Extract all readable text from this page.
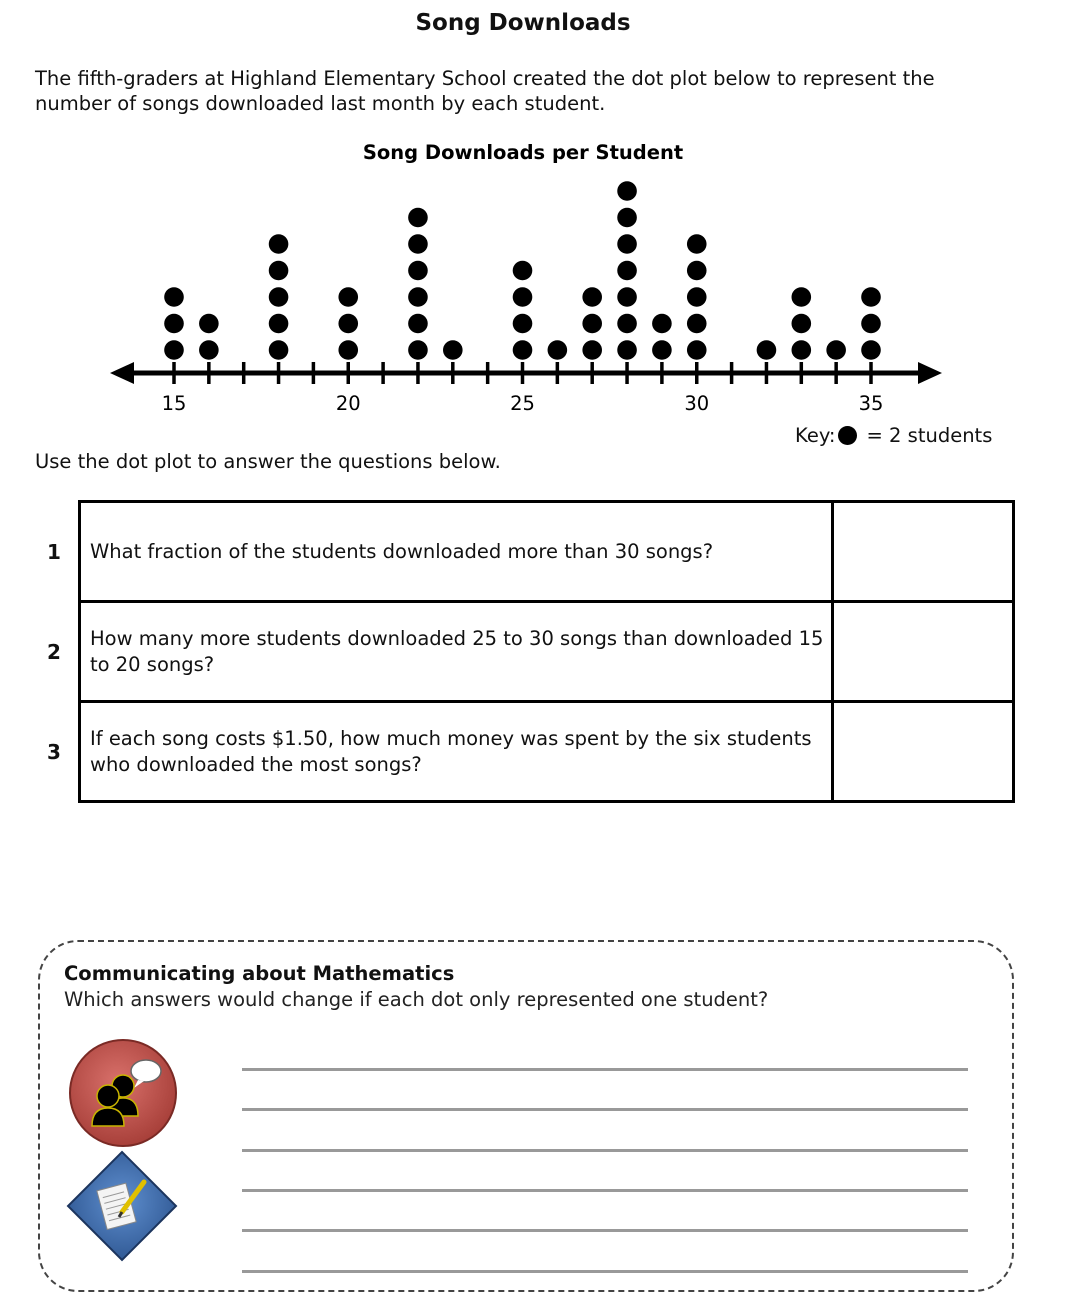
Song Downloads
The fifth-graders at Highland Elementary School created the dot plot below to represent the number of songs downloaded last month by each student.
Song Downloads per Student
15	20	25	30	35
Key: = 2 students
Use the dot plot to answer the questions below.
1	What fraction of the students downloaded more than 30 songs?	
2	How many more students downloaded 25 to 30 songs than downloaded 15 to 20 songs?	
3	If each song costs $1.50, how much money was spent by the six students who downloaded the most songs?	
Communicating about Mathematics
Which answers would change if each dot only represented one student?
